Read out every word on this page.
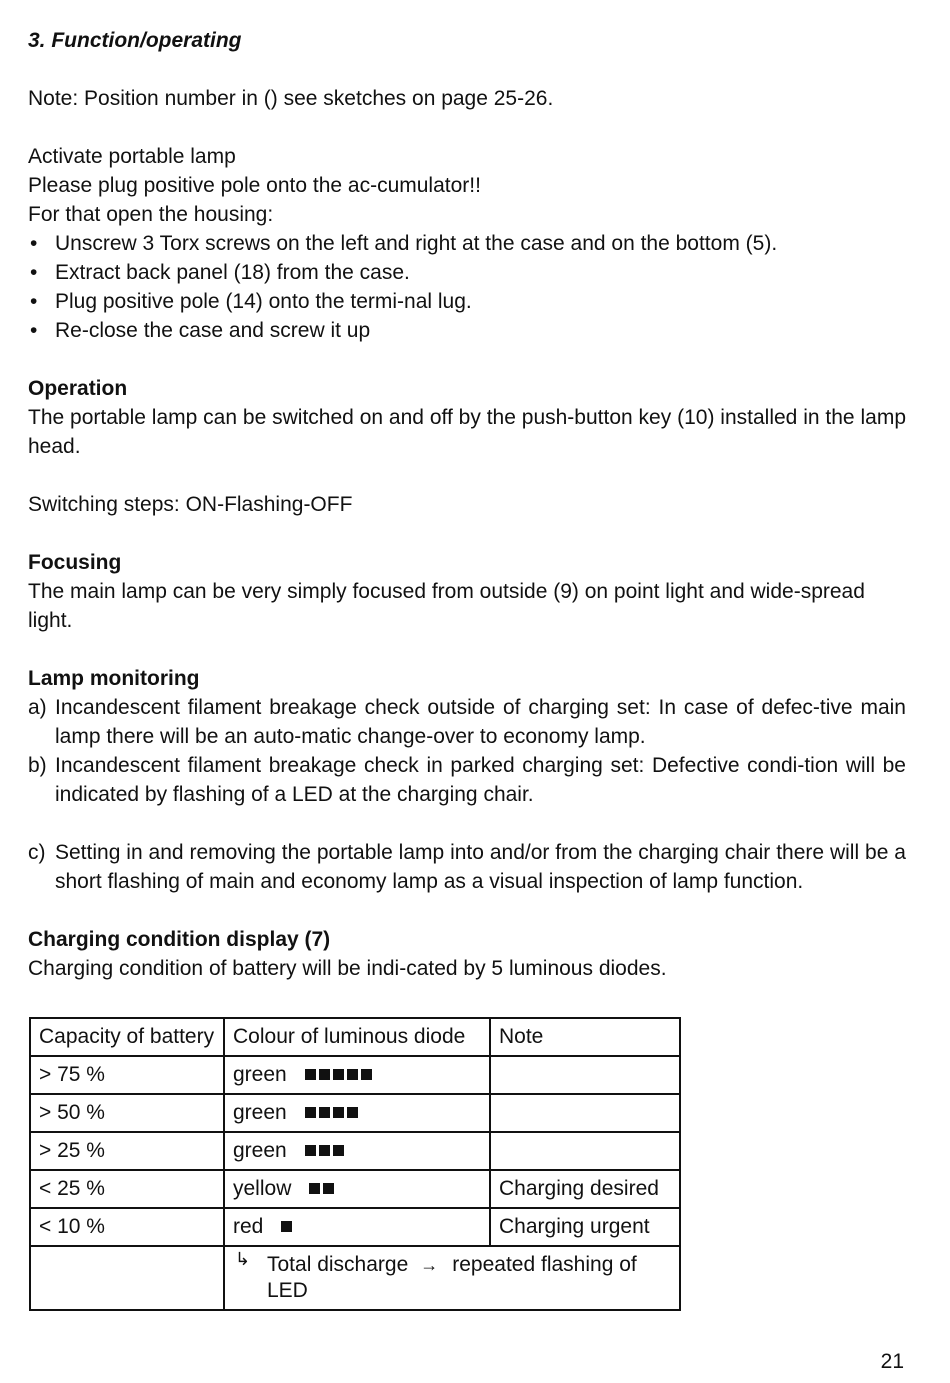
3. Function/operating

Note: Position number in () see sketches on page 25-26.

Activate portable lamp

Please plug positive pole onto the ac-cumulator!!

For that open the housing:

• Unscrew 3 Torx screws on the left and right at the case and on the bottom (5).
• Extract back panel (18) from the case.
• Plug positive pole (14) onto the termi-nal lug.
• Re-close the case and screw it up

Operation

The portable lamp can be switched on and off by the push-button key (10) installed in the lamp head.

Switching steps: ON-Flashing-OFF

Focusing

The main lamp can be very simply focused from outside (9) on point light and wide-spread light.

Lamp monitoring

a) Incandescent filament breakage check outside of charging set: In case of defec-tive main lamp there will be an auto-matic change-over to economy lamp.
b) Incandescent filament breakage check in parked charging set: Defective condi-tion will be indicated by flashing of a LED at the charging chair.
c) Setting in and removing the portable lamp into and/or from the charging chair there will be a short flashing of main and economy lamp as a visual inspection of lamp function.

Charging condition display (7)

Charging condition of battery will be indi-cated by 5 luminous diodes.

Capacity of battery	Colour of luminous diode	Note
> 75 %	green	
> 50 %	green	
> 25 %	green	
< 25 %	yellow	Charging desired
< 10 %	red	Charging urgent

	↳ Total discharge → repeated flashing of
LED	
21
